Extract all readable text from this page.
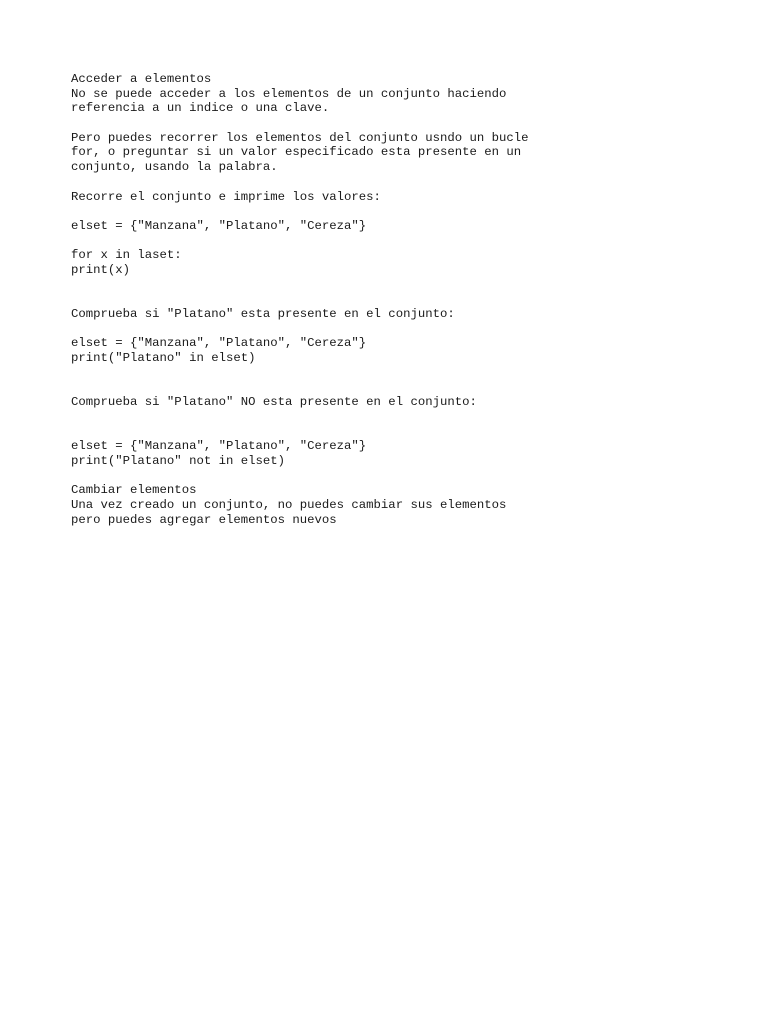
Acceder a elementos
No se puede acceder a los elementos de un conjunto haciendo
referencia a un indice o una clave.
Pero puedes recorrer los elementos del conjunto usndo un bucle
for, o preguntar si un valor especificado esta presente en un
conjunto, usando la palabra.
Recorre el conjunto e imprime los valores:
elset = {"Manzana", "Platano", "Cereza"}
for x in laset:
print(x)
Comprueba si "Platano" esta presente en el conjunto:
elset = {"Manzana", "Platano", "Cereza"}
print("Platano" in elset)
Comprueba si "Platano" NO esta presente en el conjunto:
elset = {"Manzana", "Platano", "Cereza"}
print("Platano" not in elset)
Cambiar elementos
Una vez creado un conjunto, no puedes cambiar sus elementos
pero puedes agregar elementos nuevos
